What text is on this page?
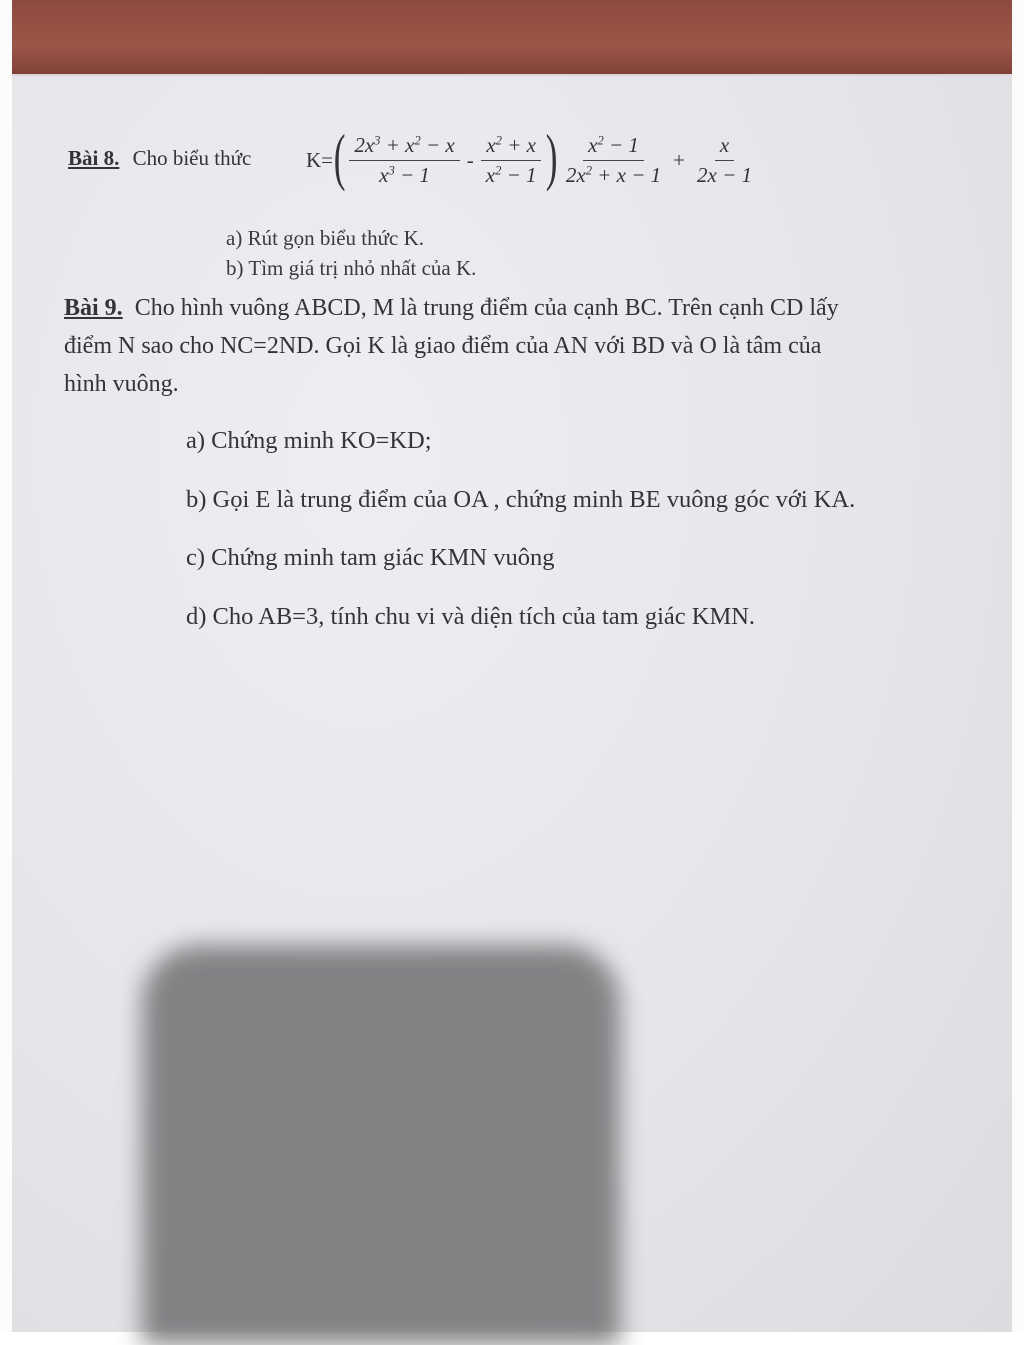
Bài 8. Cho biểu thức	K= ( $\frac{2x^3 + x^2 - x}{x^3 - 1} - \frac{x^2 + x}{x^2 - 1}$ ) $\frac{x^2 - 1}{2x^2 + x - 1} + \frac{x}{2x - 1}$
a) Rút gọn biểu thức K.
b) Tìm giá trị nhỏ nhất của K.
Bài 9. Cho hình vuông ABCD, M là trung điểm của cạnh BC. Trên cạnh CD lấy
điểm N sao cho NC=2ND. Gọi K là giao điểm của AN với BD và O là tâm của
hình vuông.
a) Chứng minh KO=KD;
b) Gọi E là trung điểm của OA , chứng minh BE vuông góc với KA.
c) Chứng minh tam giác KMN vuông
d) Cho AB=3, tính chu vi và diện tích của tam giác KMN.
